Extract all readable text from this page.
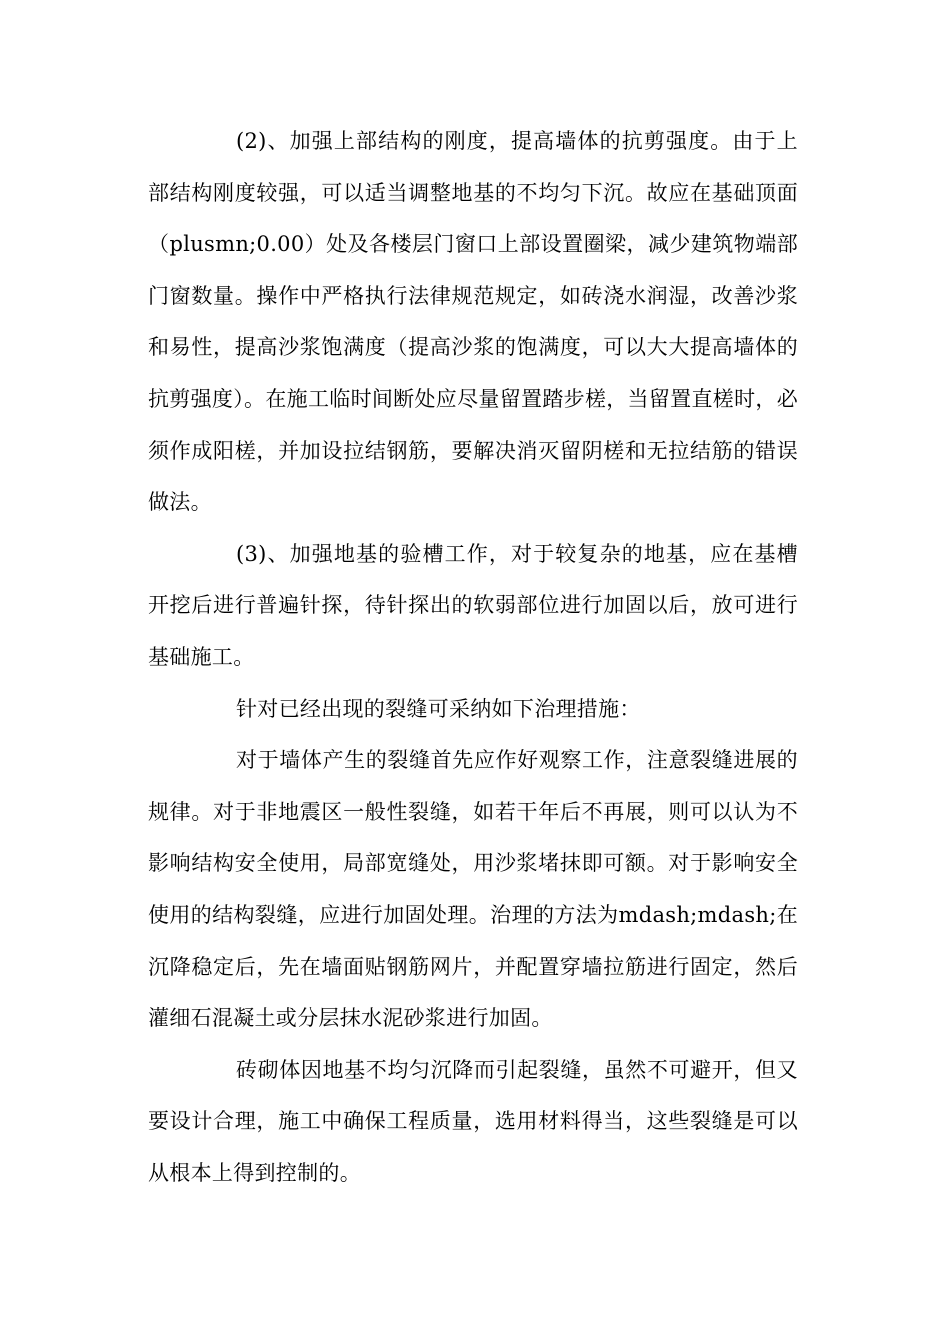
(2)、加强上部结构的刚度，提高墙体的抗剪强度。由于上部结构刚度较强，可以适当调整地基的不均匀下沉。故应在基础顶面（plusmn;0.00）处及各楼层门窗口上部设置圈梁，减少建筑物端部门窗数量。操作中严格执行法律规范规定，如砖浇水润湿，改善沙浆和易性，提高沙浆饱满度（提高沙浆的饱满度，可以大大提高墙体的抗剪强度）。在施工临时间断处应尽量留置踏步槎，当留置直槎时，必须作成阳槎，并加设拉结钢筋，要解决消灭留阴槎和无拉结筋的错误做法。

(3)、加强地基的验槽工作，对于较复杂的地基，应在基槽开挖后进行普遍针探，待针探出的软弱部位进行加固以后，放可进行基础施工。

针对已经出现的裂缝可采纳如下治理措施：

对于墙体产生的裂缝首先应作好观察工作，注意裂缝进展的规律。对于非地震区一般性裂缝，如若干年后不再展，则可以认为不影响结构安全使用，局部宽缝处，用沙浆堵抹即可额。对于影响安全使用的结构裂缝，应进行加固处理。治理的方法为mdash;mdash;在沉降稳定后，先在墙面贴钢筋网片，并配置穿墙拉筋进行固定，然后灌细石混凝土或分层抹水泥砂浆进行加固。

砖砌体因地基不均匀沉降而引起裂缝，虽然不可避开，但又要设计合理，施工中确保工程质量，选用材料得当，这些裂缝是可以从根本上得到控制的。
